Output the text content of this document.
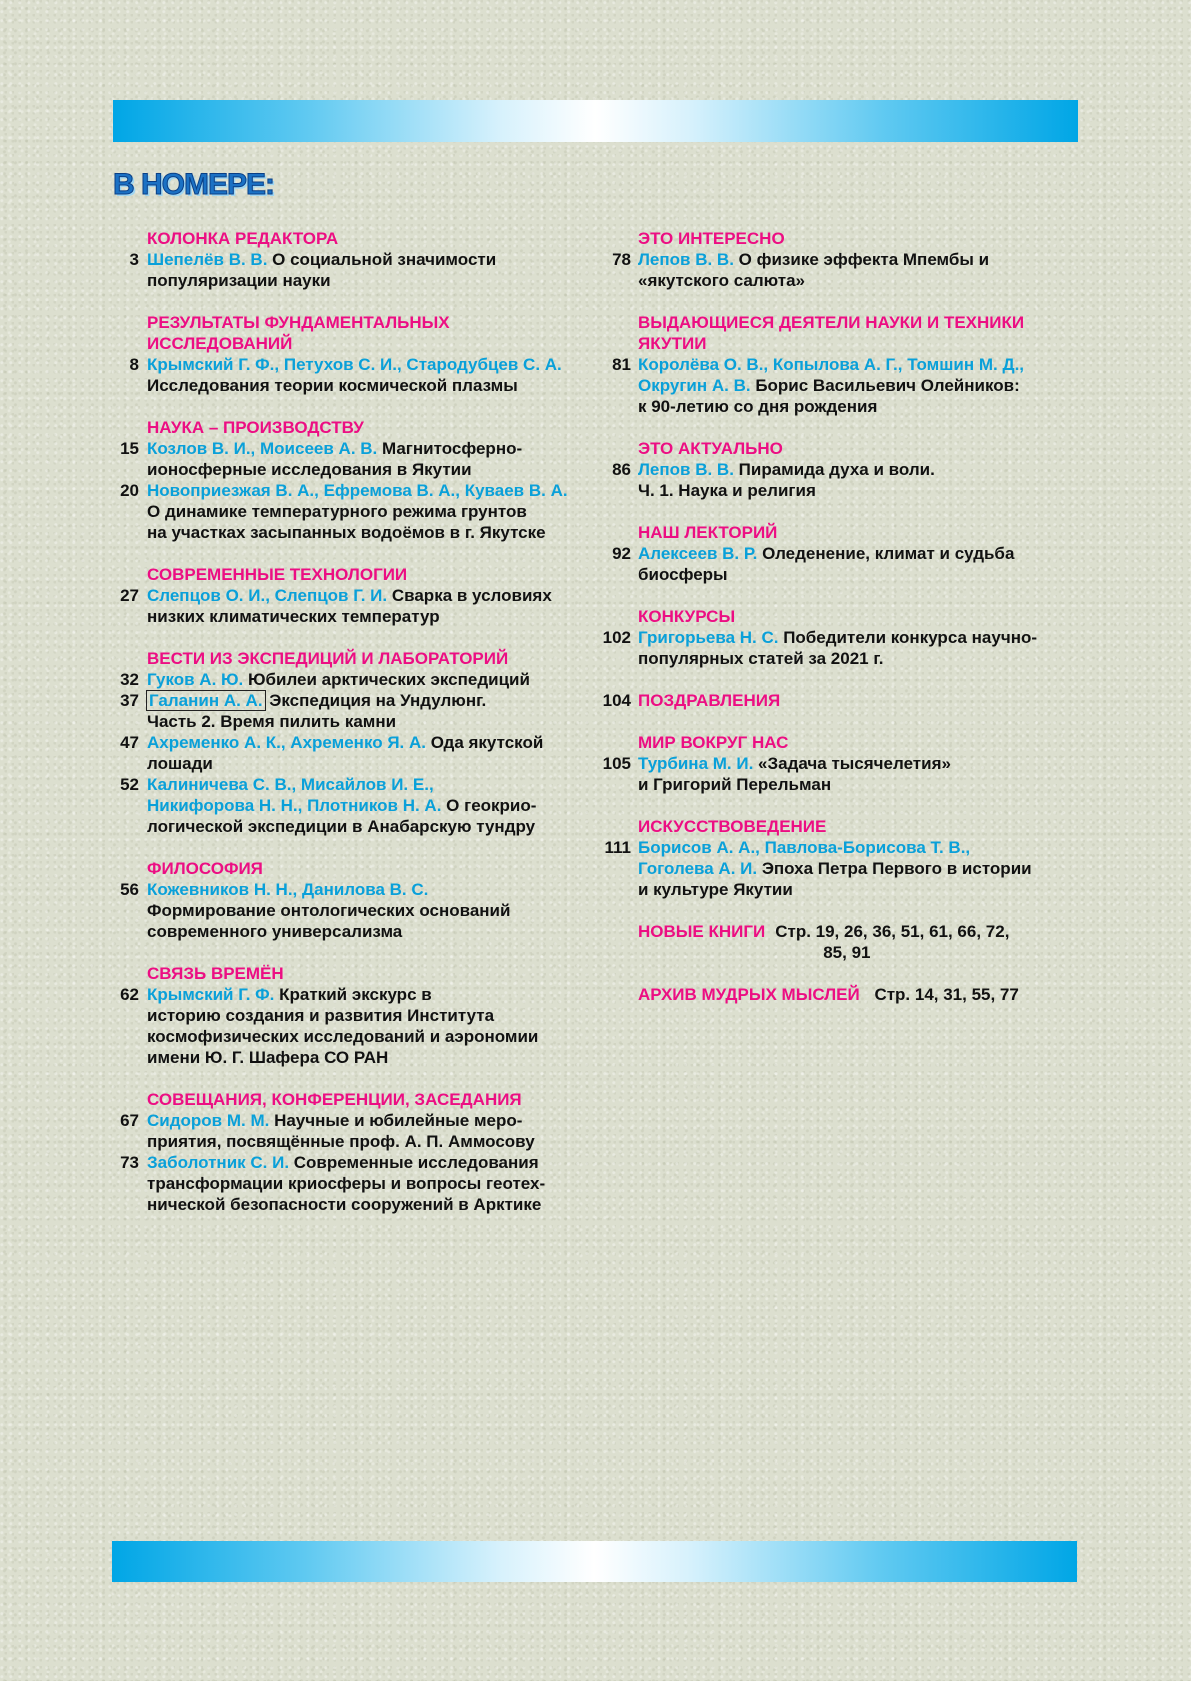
В НОМЕРЕ:
КОЛОНКА РЕДАКТОРА
3 Шепелёв В. В. О социальной значимости
популяризации науки
РЕЗУЛЬТАТЫ ФУНДАМЕНТАЛЬНЫХ
ИССЛЕДОВАНИЙ
8 Крымский Г. Ф., Петухов С. И., Стародубцев С. А.
Исследования теории космической плазмы
НАУКА – ПРОИЗВОДСТВУ
15 Козлов В. И., Моисеев А. В. Магнитосферно-
ионосферные исследования в Якутии
20 Новоприезжая В. А., Ефремова В. А., Куваев В. А.
О динамике температурного режима грунтов
на участках засыпанных водоёмов в г. Якутске
СОВРЕМЕННЫЕ ТЕХНОЛОГИИ
27 Слепцов О. И., Слепцов Г. И. Сварка в условиях
низких климатических температур
ВЕСТИ ИЗ ЭКСПЕДИЦИЙ И ЛАБОРАТОРИЙ
32 Гуков А. Ю. Юбилеи арктических экспедиций
37 Галанин А. А. Экспедиция на Ундулюнг.
Часть 2. Время пилить камни
47 Ахременко А. К., Ахременко Я. А. Ода якутской
лошади
52 Калиничева С. В., Мисайлов И. Е.,
Никифорова Н. Н., Плотников Н. А. О геокрио-
логической экспедиции в Анабарскую тундру
ФИЛОСОФИЯ
56 Кожевников Н. Н., Данилова В. С.
Формирование онтологических оснований
современного универсализма
СВЯЗЬ ВРЕМЁН
62 Крымский Г. Ф. Краткий экскурс в
историю создания и развития Института
космофизических исследований и аэрономии
имени Ю. Г. Шафера СО РАН
СОВЕЩАНИЯ, КОНФЕРЕНЦИИ, ЗАСЕДАНИЯ
67 Сидоров М. М. Научные и юбилейные меро-
приятия, посвящённые проф. А. П. Аммосову
73 Заболотник С. И. Современные исследования
трансформации криосферы и вопросы геотех-
нической безопасности сооружений в Арктике
ЭТО ИНТЕРЕСНО
78 Лепов В. В. О физике эффекта Мпембы и
«якутского салюта»
ВЫДАЮЩИЕСЯ ДЕЯТЕЛИ НАУКИ И ТЕХНИКИ
ЯКУТИИ
81 Королёва О. В., Копылова А. Г., Томшин М. Д.,
Округин А. В. Борис Васильевич Олейников:
к 90-летию со дня рождения
ЭТО АКТУАЛЬНО
86 Лепов В. В. Пирамида духа и воли.
Ч. 1. Наука и религия
НАШ ЛЕКТОРИЙ
92 Алексеев В. Р. Оледенение, климат и судьба
биосферы
КОНКУРСЫ
102 Григорьева Н. С. Победители конкурса научно-
популярных статей за 2021 г.
104 ПОЗДРАВЛЕНИЯ
МИР ВОКРУГ НАС
105 Турбина М. И. «Задача тысячелетия»
и Григорий Перельман
ИСКУССТВОВЕДЕНИЕ
111 Борисов А. А., Павлова-Борисова Т. В.,
Гоголева А. И. Эпоха Петра Первого в истории
и культуре Якутии
НОВЫЕ КНИГИ Стр. 19, 26, 36, 51, 61, 66, 72,
85, 91
АРХИВ МУДРЫХ МЫСЛЕЙ Стр. 14, 31, 55, 77
